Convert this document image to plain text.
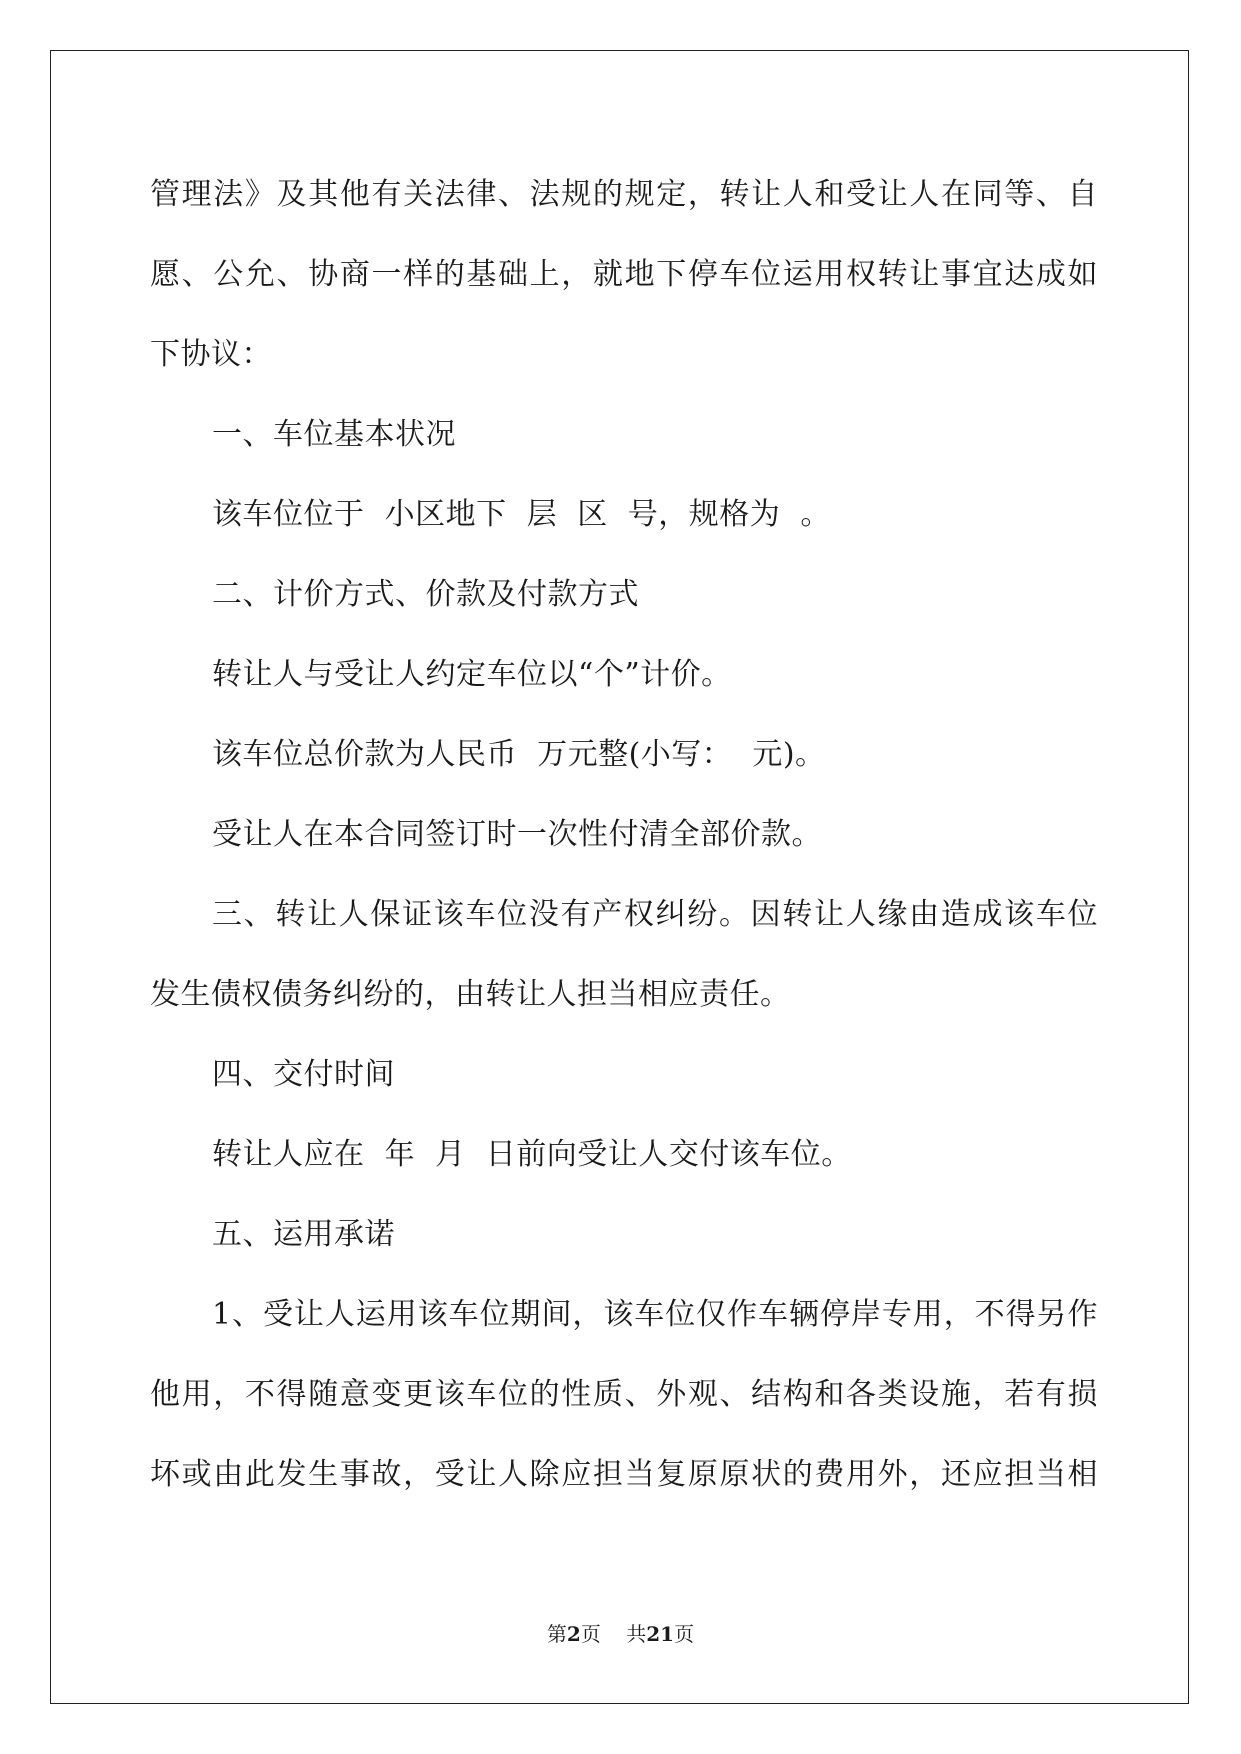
管理法》及其他有关法律、法规的规定，转让人和受让人在同等、自
愿、公允、协商一样的基础上，就地下停车位运用权转让事宜达成如
下协议：
一、车位基本状况
该车位位于  小区地下  层  区  号，规格为  。
二、计价方式、价款及付款方式
转让人与受让人约定车位以“个”计价。
该车位总价款为人民币  万元整(小写：  元)。
受让人在本合同签订时一次性付清全部价款。
三、转让人保证该车位没有产权纠纷。因转让人缘由造成该车位
发生债权债务纠纷的，由转让人担当相应责任。
四、交付时间
转让人应在  年  月  日前向受让人交付该车位。
五、运用承诺
1、受让人运用该车位期间，该车位仅作车辆停岸专用，不得另作
他用，不得随意变更该车位的性质、外观、结构和各类设施，若有损
坏或由此发生事故，受让人除应担当复原原状的费用外，还应担当相
第2页 共21页
